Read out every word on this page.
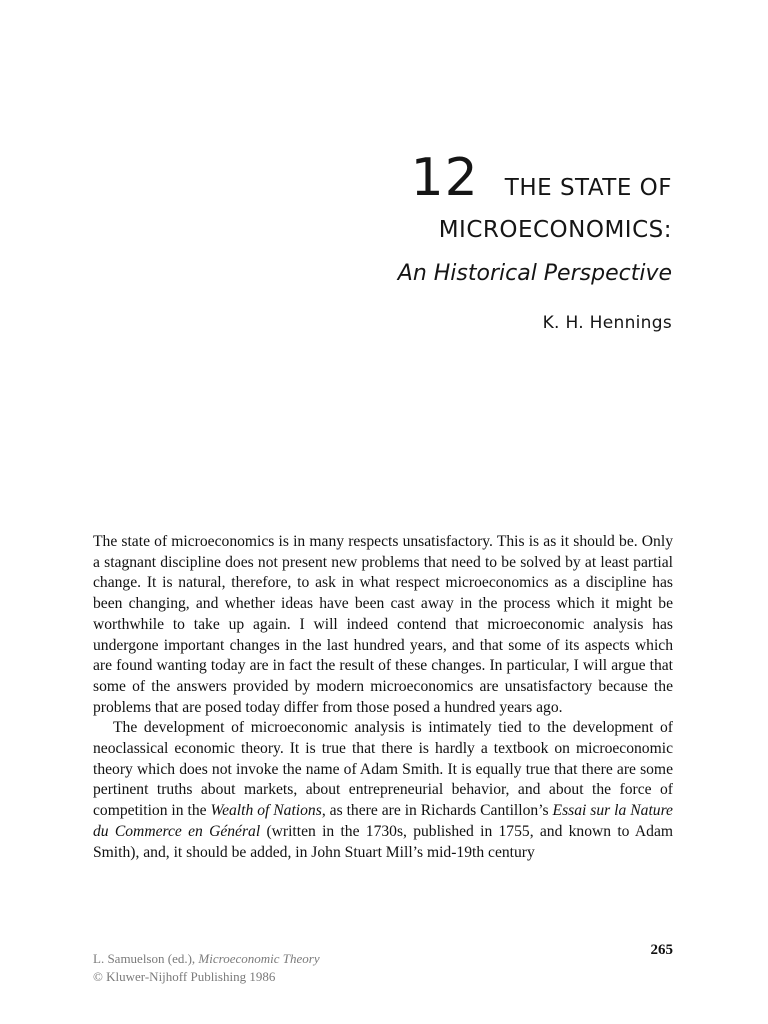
12 THE STATE OF
MICROECONOMICS:
An Historical Perspective
K. H. Hennings

The state of microeconomics is in many respects unsatisfactory. This is as it should be. Only a stagnant discipline does not present new problems that need to be solved by at least partial change. It is natural, therefore, to ask in what respect microeconomics as a discipline has been changing, and whether ideas have been cast away in the process which it might be worthwhile to take up again. I will indeed contend that microeconomic analysis has undergone important changes in the last hundred years, and that some of its aspects which are found wanting today are in fact the result of these changes. In particular, I will argue that some of the answers provided by modern microeconomics are unsatisfactory because the problems that are posed today differ from those posed a hundred years ago.

The development of microeconomic analysis is intimately tied to the development of neoclassical economic theory. It is true that there is hardly a textbook on microeconomic theory which does not invoke the name of Adam Smith. It is equally true that there are some pertinent truths about markets, about entrepreneurial behavior, and about the force of competition in the Wealth of Nations, as there are in Richards Cantillon’s Essai sur la Nature du Commerce en Général (written in the 1730s, published in 1755, and known to Adam Smith), and, it should be added, in John Stuart Mill’s mid-19th century

L. Samuelson (ed.), Microeconomic Theory
© Kluwer-Nijhoff Publishing 1986
265
